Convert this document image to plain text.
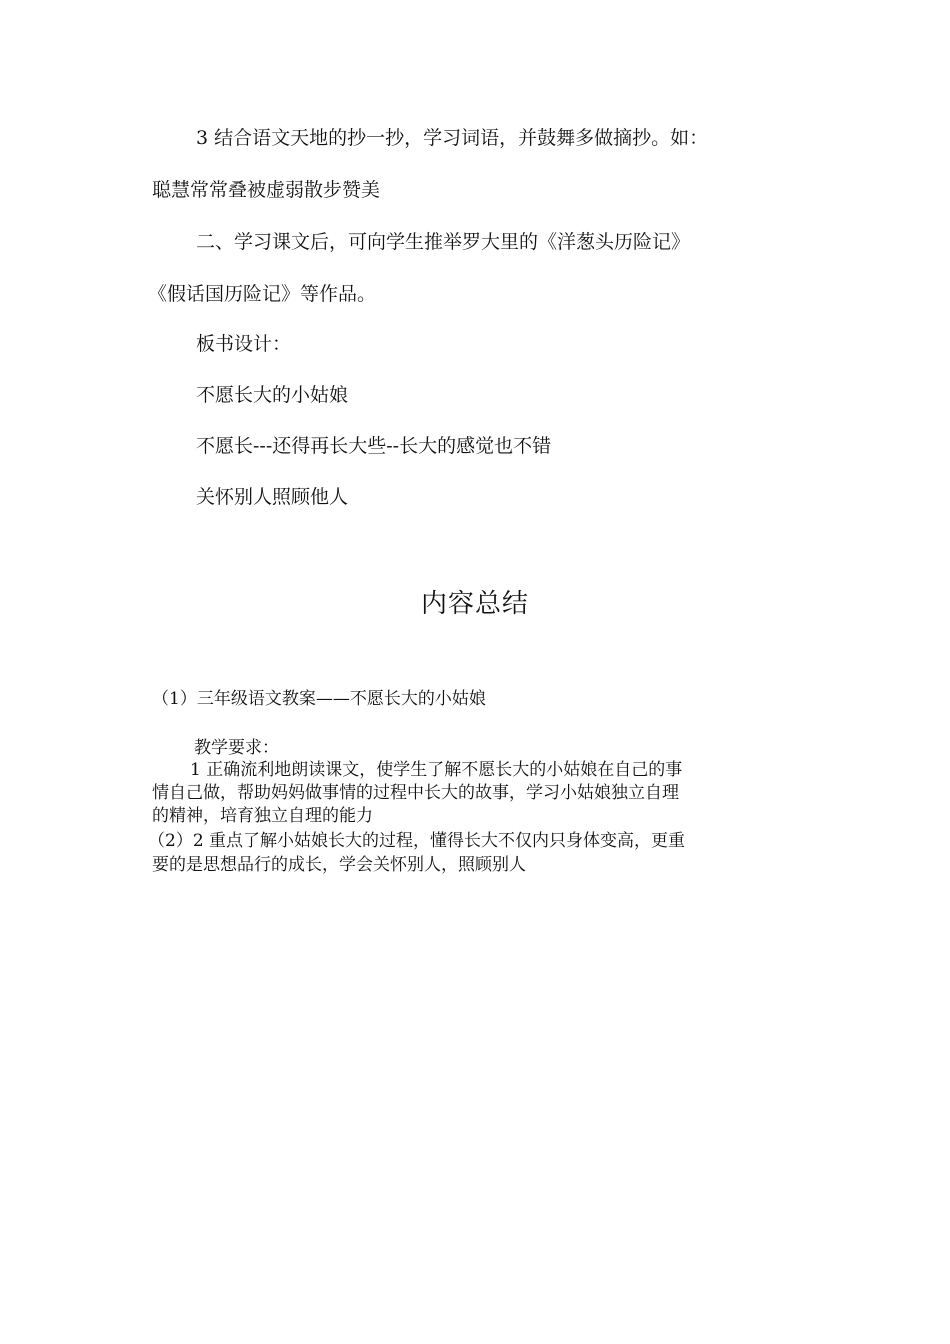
3 结合语文天地的抄一抄，学习词语，并鼓舞多做摘抄。如：
聪慧常常叠被虚弱散步赞美
二、学习课文后，可向学生推举罗大里的《洋葱头历险记》
《假话国历险记》等作品。
板书设计：
不愿长大的小姑娘
不愿长---还得再长大些--长大的感觉也不错
关怀别人照顾他人
内容总结
（1）三年级语文教案——不愿长大的小姑娘
教学要求：
1 正确流利地朗读课文，使学生了解不愿长大的小姑娘在自己的事
情自己做，帮助妈妈做事情的过程中长大的故事，学习小姑娘独立自理
的精神，培育独立自理的能力
（2）2 重点了解小姑娘长大的过程，懂得长大不仅内只身体变高，更重
要的是思想品行的成长，学会关怀别人，照顾别人
